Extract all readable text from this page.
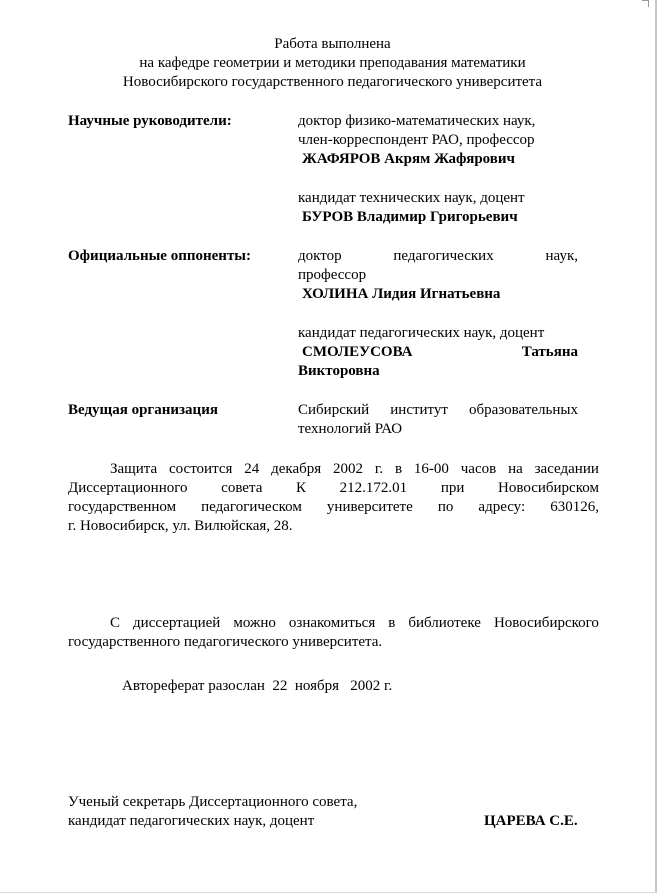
Работа выполнена
на кафедре геометрии и методики преподавания математики
Новосибирского государственного педагогического университета
Научные руководители:	доктор физико-математических наук,
член-корреспондент РАО, профессор
ЖАФЯРОВ Акрям Жафярович
кандидат технических наук, доцент
БУРОВ Владимир Григорьевич
Официальные оппоненты:	доктор	педагогических	наук,
профессор
ХОЛИНА Лидия Игнатьевна
кандидат педагогических наук, доцент
СМОЛЕУСОВА	Татьяна
Викторовна
Ведущая организация	Сибирский институт образовательных
технологий РАО
Защита состоится 24 декабря 2002 г. в 16-00 часов на заседании
Диссертационного совета К 212.172.01 при Новосибирском
государственном педагогическом университете по адресу: 630126,
г. Новосибирск, ул. Вилюйская, 28.
С диссертацией можно ознакомиться в библиотеке Новосибирского
государственного педагогического университета.
Автореферат разослан  22  ноября   2002 г.
Ученый секретарь Диссертационного совета,
кандидат педагогических наук, доцент	ЦАРЕВА С.Е.
